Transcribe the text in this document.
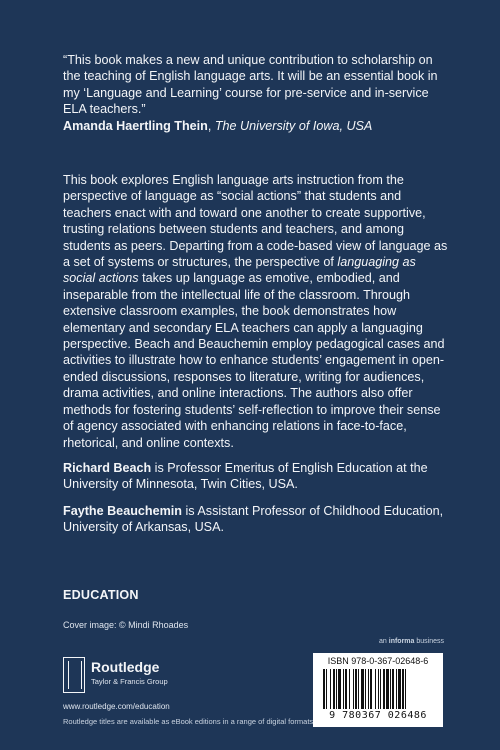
“This book makes a new and unique contribution to scholarship on the teaching of English language arts. It will be an essential book in my ‘Language and Learning’ course for pre-service and in-service ELA teachers.”
Amanda Haertling Thein, The University of Iowa, USA
This book explores English language arts instruction from the perspective of language as “social actions” that students and teachers enact with and toward one another to create supportive, trusting relations between students and teachers, and among students as peers. Departing from a code-based view of language as a set of systems or structures, the perspective of languaging as social actions takes up language as emotive, embodied, and inseparable from the intellectual life of the classroom. Through extensive classroom examples, the book demonstrates how elementary and secondary ELA teachers can apply a languaging perspective. Beach and Beauchemin employ pedagogical cases and activities to illustrate how to enhance students’ engagement in open-ended discussions, responses to literature, writing for audiences, drama activities, and online interactions. The authors also offer methods for fostering students’ self-reflection to improve their sense of agency associated with enhancing relations in face-to-face, rhetorical, and online contexts.
Richard Beach is Professor Emeritus of English Education at the University of Minnesota, Twin Cities, USA.
Faythe Beauchemin is Assistant Professor of Childhood Education, University of Arkansas, USA.
EDUCATION
Cover image: © Mindi Rhoades
an informa business
Routledge
Taylor & Francis Group
www.routledge.com/education
Routledge titles are available as eBook editions in a range of digital formats
ISBN 978-0-367-02648-6
9 780367 026486
